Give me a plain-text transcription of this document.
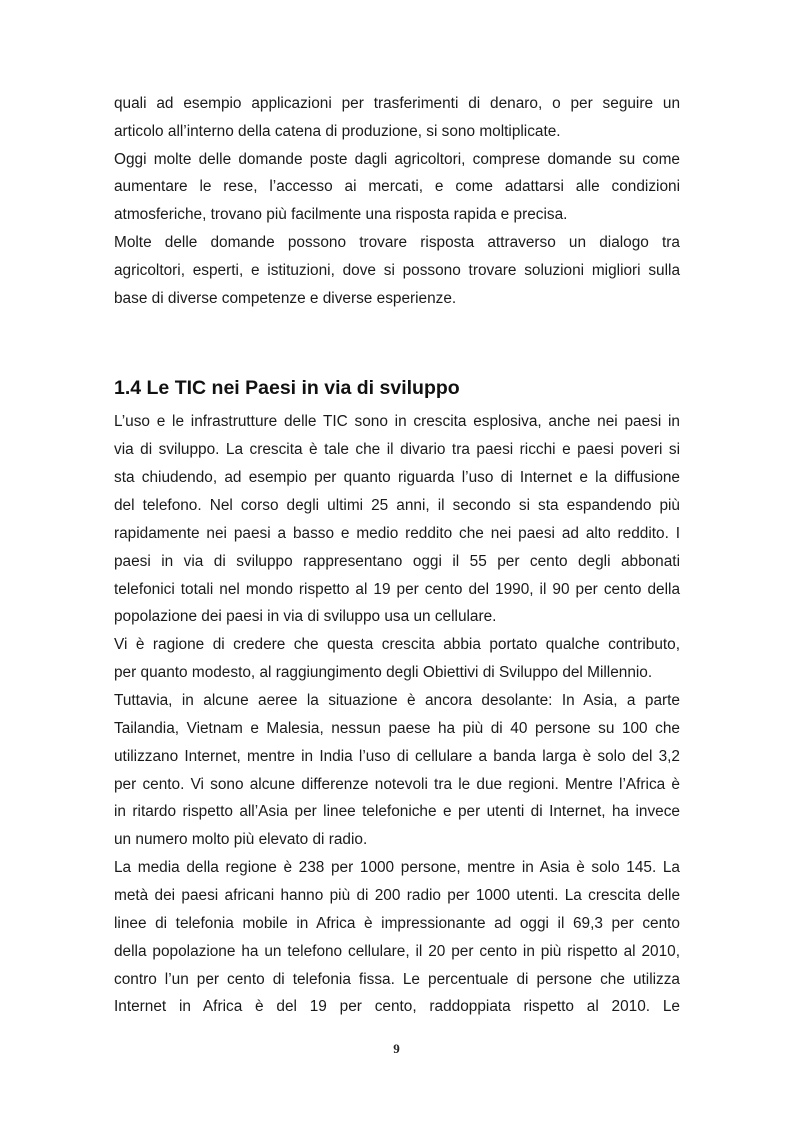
quali ad esempio applicazioni per trasferimenti di denaro, o per seguire un
articolo all’interno della catena di produzione, si sono moltiplicate.
Oggi molte delle domande poste dagli agricoltori, comprese domande su come
aumentare le rese, l’accesso ai mercati, e come adattarsi alle condizioni
atmosferiche, trovano più facilmente una risposta rapida e precisa.
Molte delle domande possono trovare risposta attraverso un dialogo tra
agricoltori, esperti, e istituzioni, dove si possono trovare soluzioni migliori sulla
base di diverse competenze e diverse esperienze.
1.4 Le TIC nei Paesi in via di sviluppo
L’uso e le infrastrutture delle TIC sono in crescita esplosiva, anche nei paesi in
via di sviluppo. La crescita è tale che il divario tra paesi ricchi e paesi poveri si
sta chiudendo, ad esempio per quanto riguarda l’uso di Internet e la diffusione
del telefono. Nel corso degli ultimi 25 anni, il secondo si sta espandendo più
rapidamente nei paesi a basso e medio reddito che nei paesi ad alto reddito. I
paesi in via di sviluppo rappresentano oggi il 55 per cento degli abbonati
telefonici totali nel mondo rispetto al 19 per cento del 1990, il 90 per cento della
popolazione dei paesi in via di sviluppo usa un cellulare.
Vi è ragione di credere che questa crescita abbia portato qualche contributo,
per quanto modesto, al raggiungimento degli Obiettivi di Sviluppo del Millennio.
Tuttavia, in alcune aeree la situazione è ancora desolante: In Asia, a parte
Tailandia, Vietnam e Malesia, nessun paese ha più di 40 persone su 100 che
utilizzano Internet, mentre in India l’uso di cellulare a banda larga è solo del 3,2
per cento. Vi sono alcune differenze notevoli tra le due regioni. Mentre l’Africa è
in ritardo rispetto all’Asia per linee telefoniche e per utenti di Internet, ha invece
un numero molto più elevato di radio.
La media della regione è 238 per 1000 persone, mentre in Asia è solo 145. La
metà dei paesi africani hanno più di 200 radio per 1000 utenti. La crescita delle
linee di telefonia mobile in Africa è impressionante ad oggi il 69,3 per cento
della popolazione ha un telefono cellulare, il 20 per cento in più rispetto al 2010,
contro l’un per cento di telefonia fissa. Le percentuale di persone che utilizza
Internet in Africa è del 19 per cento, raddoppiata rispetto al 2010. Le
9
